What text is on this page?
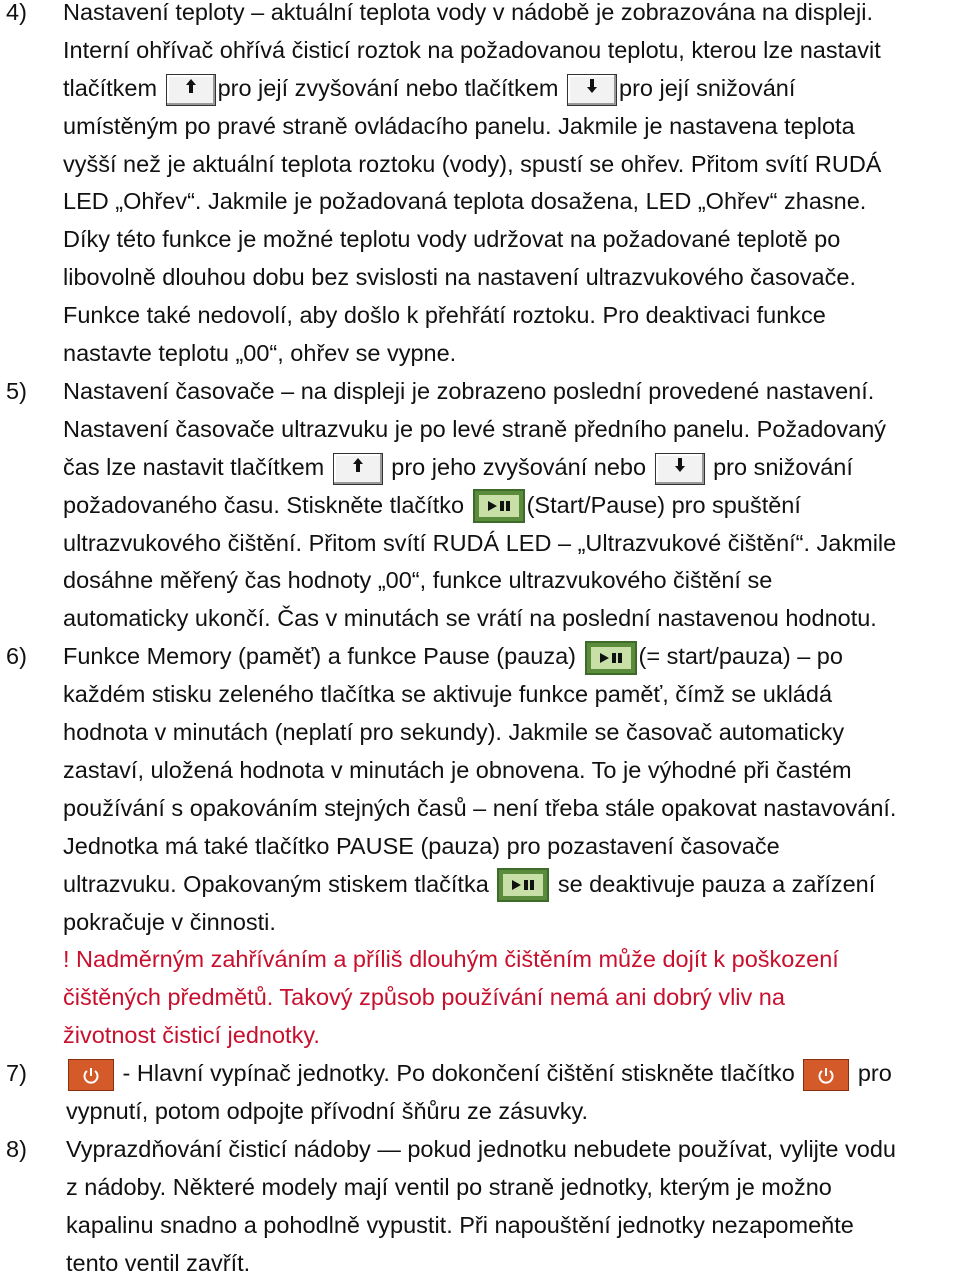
4) Nastavení teploty – aktuální teplota vody v nádobě je zobrazována na displeji.
Interní ohřívač ohřívá čisticí roztok na požadovanou teplotu, kterou lze nastavit
tlačítkem
pro její zvyšování nebo tlačítkem
pro její snižování
umístěným po pravé straně ovládacího panelu. Jakmile je nastavena teplota
vyšší než je aktuální teplota roztoku (vody), spustí se ohřev. Přitom svítí RUDÁ
LED „Ohřev“. Jakmile je požadovaná teplota dosažena, LED „Ohřev“ zhasne.
Díky této funkce je možné teplotu vody udržovat na požadované teplotě po
libovolně dlouhou dobu bez svislosti na nastavení ultrazvukového časovače.
Funkce také nedovolí, aby došlo k přehřátí roztoku. Pro deaktivaci funkce
nastavte teplotu „00“, ohřev se vypne.
5) Nastavení časovače – na displeji je zobrazeno poslední provedené nastavení.
Nastavení časovače ultrazvuku je po levé straně předního panelu. Požadovaný
čas lze nastavit tlačítkem
pro jeho zvyšování nebo
pro snižování
požadovaného času. Stiskněte tlačítko
(Start/Pause) pro spuštění
ultrazvukového čištění. Přitom svítí RUDÁ LED – „Ultrazvukové čištění“. Jakmile
dosáhne měřený čas hodnoty „00“, funkce ultrazvukového čištění se
automaticky ukončí. Čas v minutách se vrátí na poslední nastavenou hodnotu.
6) Funkce Memory (paměť) a funkce Pause (pauza)
(= start/pauza) – po
každém stisku zeleného tlačítka se aktivuje funkce paměť, čímž se ukládá
hodnota v minutách (neplatí pro sekundy). Jakmile se časovač automaticky
zastaví, uložená hodnota v minutách je obnovena. To je výhodné při častém
používání s opakováním stejných časů – není třeba stále opakovat nastavování.
Jednotka má také tlačítko PAUSE (pauza) pro pozastavení časovače
ultrazvuku. Opakovaným stiskem tlačítka
se deaktivuje pauza a zařízení
pokračuje v činnosti.
! Nadměrným zahříváním a příliš dlouhým čištěním může dojít k poškození
čištěných předmětů. Takový způsob používání nemá ani dobrý vliv na
životnost čisticí jednotky.
7)	- Hlavní vypínač jednotky. Po dokončení čištění stiskněte tlačítko
pro
vypnutí, potom odpojte přívodní šňůru ze zásuvky.
8) Vyprazdňování čisticí nádoby — pokud jednotku nebudete používat, vylijte vodu
z nádoby. Některé modely mají ventil po straně jednotky, kterým je možno
kapalinu snadno a pohodlně vypustit. Při napouštění jednotky nezapomeňte
tento ventil zavřít.
